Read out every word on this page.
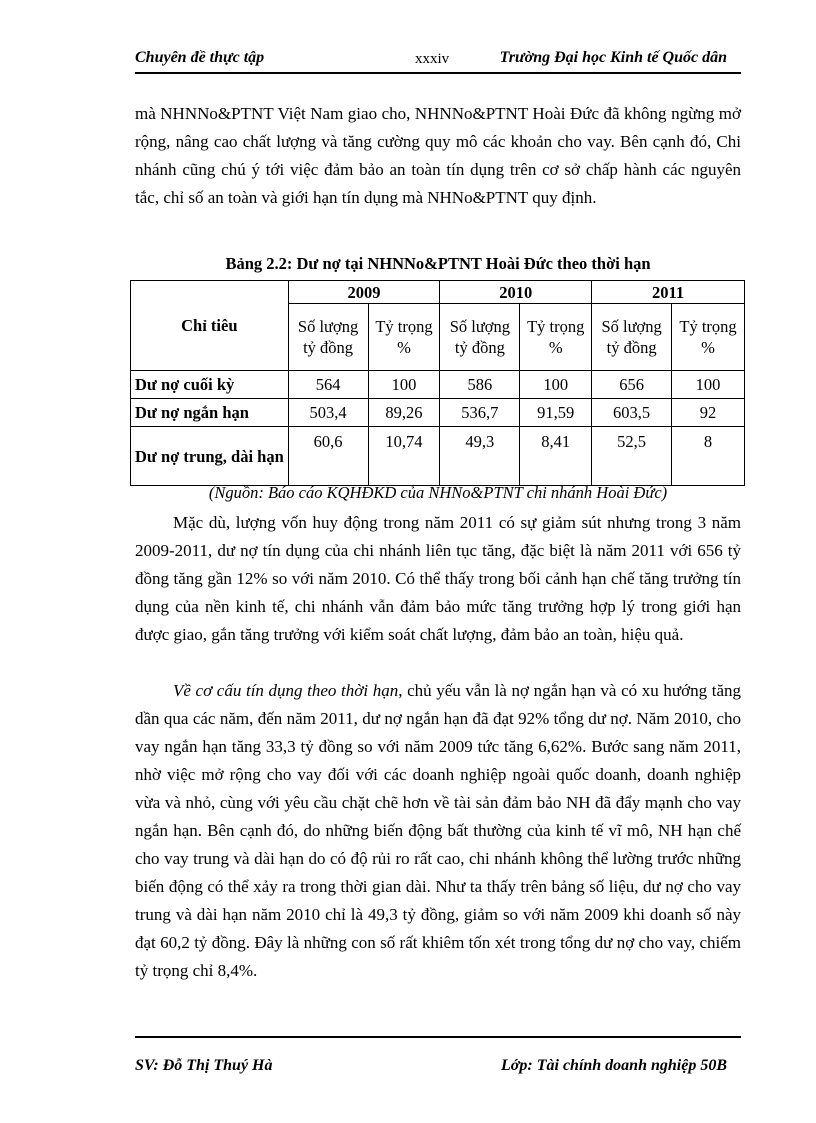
Chuyên đề thực tập	xxxiv	Trường Đại học Kinh tế Quốc dân

mà NHNNo&PTNT Việt Nam giao cho, NHNNo&PTNT Hoài Đức đã không ngừng mở rộng, nâng cao chất lượng và tăng cường quy mô các khoản cho vay. Bên cạnh đó, Chi nhánh cũng chú ý tới việc đảm bảo an toàn tín dụng trên cơ sở chấp hành các nguyên tắc, chỉ số an toàn và giới hạn tín dụng mà NHNo&PTNT quy định.

Bảng 2.2: Dư nợ tại NHNNo&PTNT Hoài Đức theo thời hạn
Chỉ tiêu	2009		2010		2011	
	Số lượng tỷ đồng	Tỷ trọng %	Số lượng tỷ đồng	Tỷ trọng %	Số lượng tỷ đồng	Tỷ trọng %
Dư nợ cuối kỳ	564	100	586	100	656	100
Dư nợ ngắn hạn	503,4	89,26	536,7	91,59	603,5	92
Dư nợ trung, dài hạn	60,6	10,74	49,3	8,41	52,5	8
(Nguồn: Báo cáo KQHĐKD của NHNo&PTNT chi nhánh Hoài Đức)

Mặc dù, lượng vốn huy động trong năm 2011 có sự giảm sút nhưng trong 3 năm 2009-2011, dư nợ tín dụng của chi nhánh liên tục tăng, đặc biệt là năm 2011 với 656 tỷ đồng tăng gần 12% so với năm 2010. Có thể thấy trong bối cảnh hạn chế tăng trưởng tín dụng của nền kinh tế, chi nhánh vẫn đảm bảo mức tăng trưởng hợp lý trong giới hạn được giao, gắn tăng trưởng với kiểm soát chất lượng, đảm bảo an toàn, hiệu quả.

Về cơ cấu tín dụng theo thời hạn, chủ yếu vẫn là nợ ngắn hạn và có xu hướng tăng dần qua các năm, đến năm 2011, dư nợ ngắn hạn đã đạt 92% tổng dư nợ. Năm 2010, cho vay ngắn hạn tăng 33,3 tỷ đồng so với năm 2009 tức tăng 6,62%. Bước sang năm 2011, nhờ việc mở rộng cho vay đối với các doanh nghiệp ngoài quốc doanh, doanh nghiệp vừa và nhỏ, cùng với yêu cầu chặt chẽ hơn về tài sản đảm bảo NH đã đẩy mạnh cho vay ngắn hạn. Bên cạnh đó, do những biến động bất thường của kinh tế vĩ mô, NH hạn chế cho vay trung và dài hạn do có độ rủi ro rất cao, chi nhánh không thể lường trước những biến động có thể xảy ra trong thời gian dài. Như ta thấy trên bảng số liệu, dư nợ cho vay trung và dài hạn năm 2010 chỉ là 49,3 tỷ đồng, giảm so với năm 2009 khi doanh số này đạt 60,2 tỷ đồng. Đây là những con số rất khiêm tốn xét trong tổng dư nợ cho vay, chiếm tỷ trọng chỉ 8,4%.

SV: Đỗ Thị Thuý Hà	Lớp: Tài chính doanh nghiệp 50B
